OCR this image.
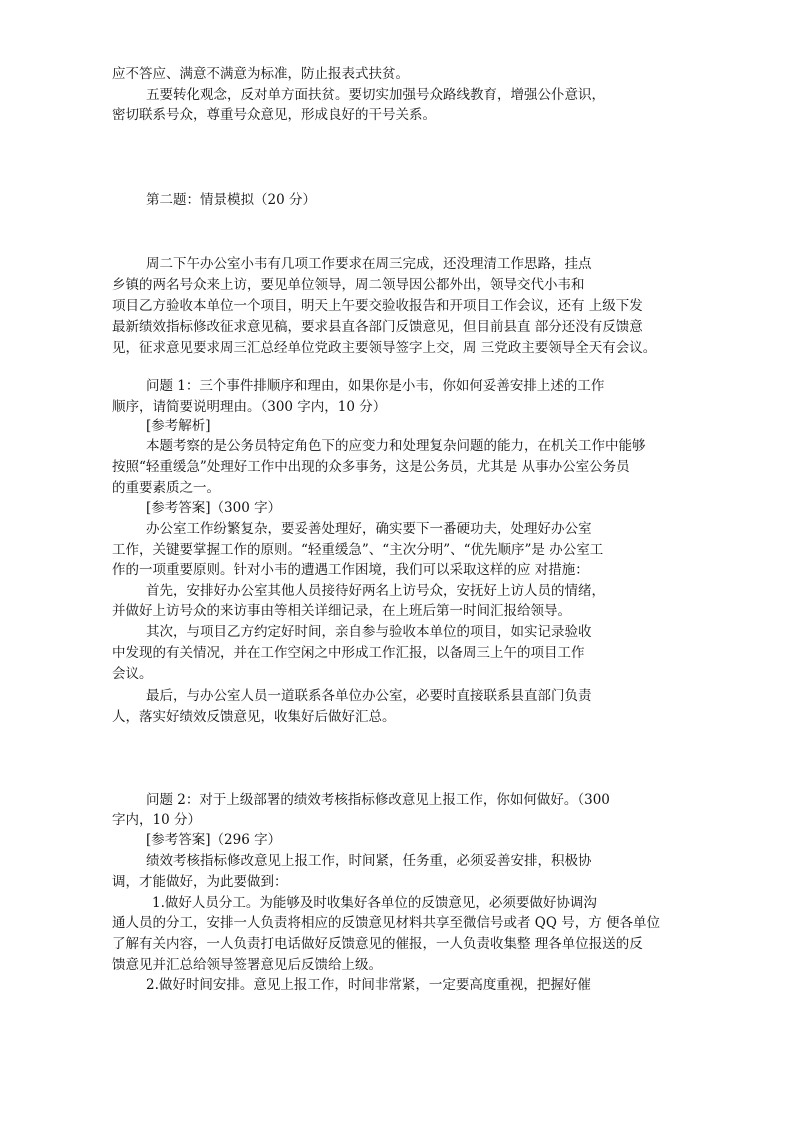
应不答应、满意不满意为标准，防止报表式扶贫。
五要转化观念，反对单方面扶贫。要切实加强号众路线教育，增强公仆意识，
密切联系号众，尊重号众意见，形成良好的干号关系。
第二题：情景模拟（20 分）
周二下午办公室小韦有几项工作要求在周三完成，还没理清工作思路，挂点
乡镇的两名号众来上访，要见单位领导，周二领导因公都外出，领导交代小韦和
项目乙方验收本单位一个项目，明天上午要交验收报告和开项目工作会议，还有 上级下发
最新绩效指标修改征求意见稿，要求县直各部门反馈意见，但目前县直 部分还没有反馈意
见，征求意见要求周三汇总经单位党政主要领导签字上交，周 三党政主要领导全天有会议。
问题 1：三个事件排顺序和理由，如果你是小韦，你如何妥善安排上述的工作
顺序，请简要说明理由。（300 字内，10 分）
[参考解析]
本题考察的是公务员特定角色下的应变力和处理复杂问题的能力，在机关工作中能够
按照“轻重缓急”处理好工作中出现的众多事务，这是公务员，尤其是 从事办公室公务员
的重要素质之一。
[参考答案]（300 字）
办公室工作纷繁复杂，要妥善处理好，确实要下一番硬功夫，处理好办公室
工作，关键要掌握工作的原则。“轻重缓急”、“主次分明”、“优先顺序”是 办公室工
作的一项重要原则。针对小韦的遭遇工作困境，我们可以采取这样的应 对措施：
首先，安排好办公室其他人员接待好两名上访号众，安抚好上访人员的情绪，
并做好上访号众的来访事由等相关详细记录，在上班后第一时间汇报给领导。
其次，与项目乙方约定好时间，亲自参与验收本单位的项目，如实记录验收
中发现的有关情况，并在工作空闲之中形成工作汇报，以备周三上午的项目工作
会议。
最后，与办公室人员一道联系各单位办公室，必要时直接联系县直部门负责
人，落实好绩效反馈意见，收集好后做好汇总。
问题 2：对于上级部署的绩效考核指标修改意见上报工作，你如何做好。（300
字内，10 分）
[参考答案]（296 字）
绩效考核指标修改意见上报工作，时间紧，任务重，必须妥善安排，积极协
调，才能做好，为此要做到：
1.做好人员分工。为能够及时收集好各单位的反馈意见，必须要做好协调沟
通人员的分工，安排一人负责将相应的反馈意见材料共享至微信号或者 QQ 号，方 便各单位
了解有关内容，一人负责打电话做好反馈意见的催报，一人负责收集整 理各单位报送的反
馈意见并汇总给领导签署意见后反馈给上级。
2.做好时间安排。意见上报工作，时间非常紧，一定要高度重视，把握好催
